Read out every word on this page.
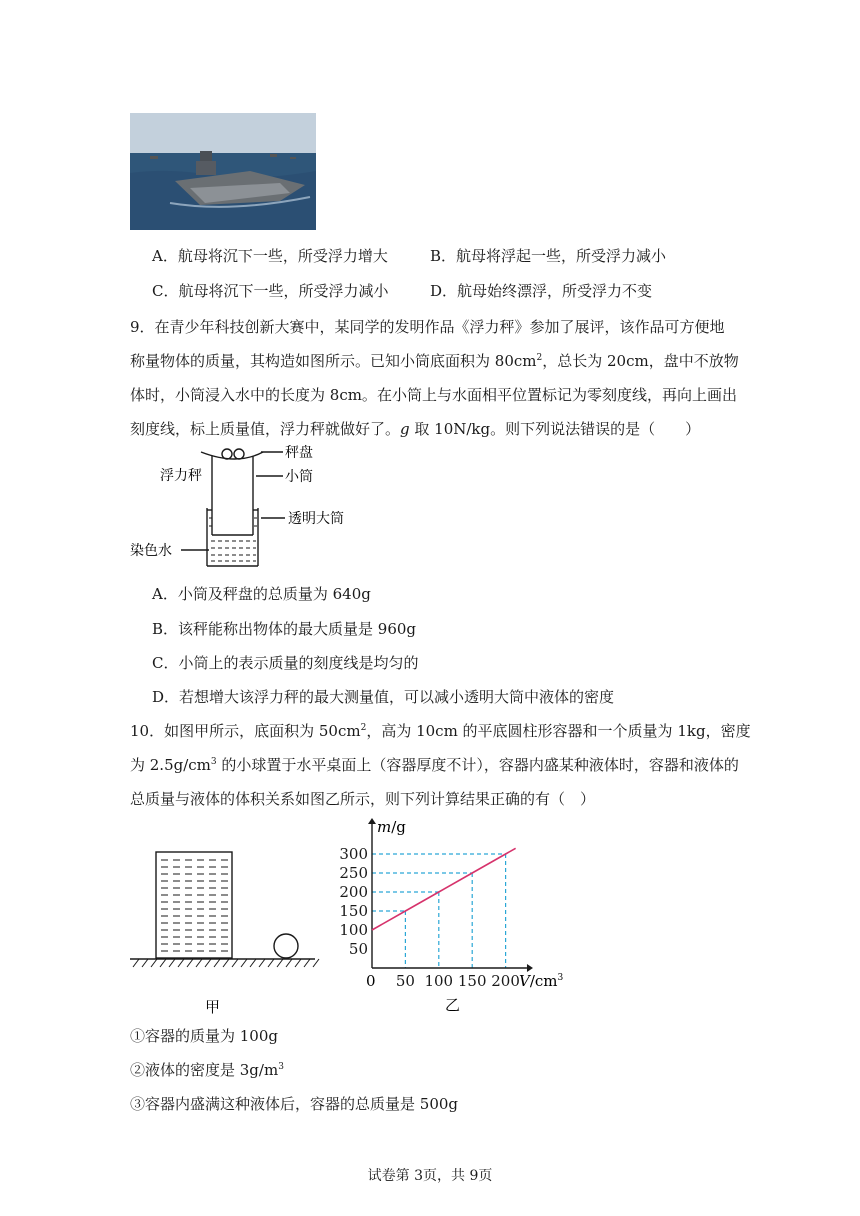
A．航母将沉下一些，所受浮力增大	B．航母将浮起一些，所受浮力减小
C．航母将沉下一些，所受浮力减小	D．航母始终漂浮，所受浮力不变
9．在青少年科技创新大赛中，某同学的发明作品《浮力秤》参加了展评，该作品可方便地
称量物体的质量，其构造如图所示。已知小筒底面积为 $80cm^2$，总长为 20cm，盘中不放物
体时，小筒浸入水中的长度为 8cm。在小筒上与水面相平位置标记为零刻度线，再向上画出
刻度线，标上质量值，浮力秤就做好了。g 取 10N/kg。则下列说法错误的是（　　）
秤盘
浮力秤	小筒
透明大筒
染色水
A．小筒及秤盘的总质量为 640g
B．该秤能称出物体的最大质量是 960g
C．小筒上的表示质量的刻度线是均匀的
D．若想增大该浮力秤的最大测量值，可以减小透明大筒中液体的密度
10．如图甲所示，底面积为 $50cm^2$，高为 10cm 的平底圆柱形容器和一个质量为 1kg，密度
为 $2.5g/cm^3$ 的小球置于水平桌面上（容器厚度不计），容器内盛某种液体时，容器和液体的
总质量与液体的体积关系如图乙所示，则下列计算结果正确的有（　）
甲
50 100 150 200
50
100
150
200
250
300
m/g
$V/cm^3$
0
乙
①容器的质量为 100g
②液体的密度是 $3g/m^3$
③容器内盛满这种液体后，容器的总质量是 500g
试卷第 3页，共 9页
